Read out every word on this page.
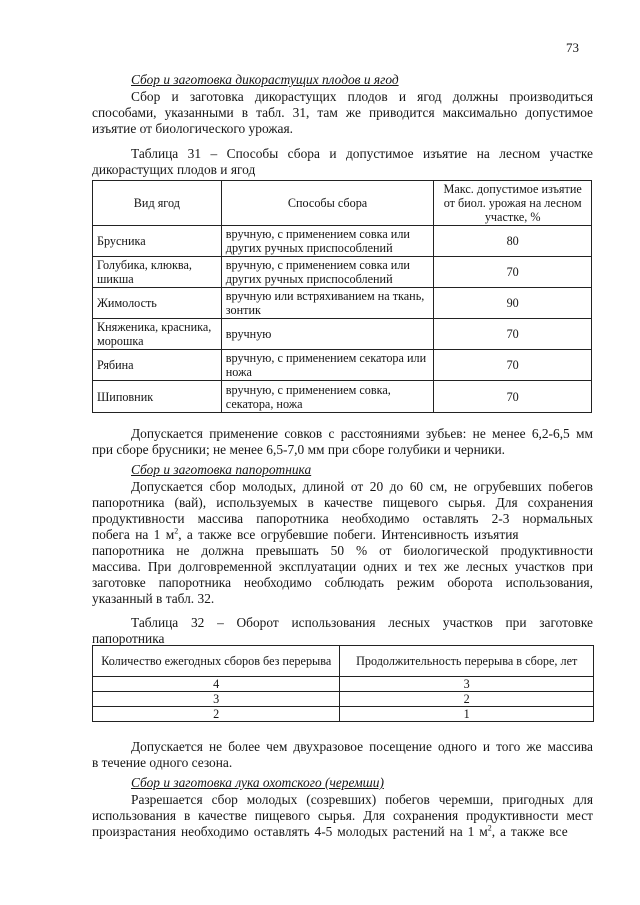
73
Сбор и заготовка дикорастущих плодов и ягод
Сбор и заготовка дикорастущих плодов и ягод должны производиться
способами, указанными в табл. 31, там же приводится максимально допустимое
изъятие от биологического урожая.
Таблица 31 – Способы сбора и допустимое изъятие на лесном участке
дикорастущих плодов и ягод
Вид ягод	Способы сбора	Макс. допустимое изъятие от биол. урожая на лесном участке, %
Брусника	вручную, с применением совка или других ручных приспособлений	80
Голубика, клюква, шикша	вручную, с применением совка или других ручных приспособлений	70
Жимолость	вручную или встряхиванием на ткань, зонтик	90
Княженика, красника, морошка	вручную	70
Рябина	вручную, с применением секатора или ножа	70
Шиповник	вручную, с применением совка, секатора, ножа	70
Допускается применение совков с расстояниями зубьев: не менее 6,2-6,5 мм
при сборе брусники; не менее 6,5-7,0 мм при сборе голубики и черники.
Сбор и заготовка папоротника
Допускается сбор молодых, длиной от 20 до 60 см, не огрубевших побегов
папоротника (вай), используемых в качестве пищевого сырья. Для сохранения
продуктивности массива папоротника необходимо оставлять 2-3 нормальных
побега на 1 $м^2$, а также все огрубевшие побеги. Интенсивность изъятия
папоротника не должна превышать 50 % от биологической продуктивности
массива. При долговременной эксплуатации одних и тех же лесных участков при
заготовке папоротника необходимо соблюдать режим оборота использования,
указанный в табл. 32.
Таблица 32 – Оборот использования лесных участков при заготовке
папоротника
Количество ежегодных сборов без перерыва	Продолжительность перерыва в сборе, лет
4	3
3	2
2	1
Допускается не более чем двухразовое посещение одного и того же массива
в течение одного сезона.
Сбор и заготовка лука охотского (черемши)
Разрешается сбор молодых (созревших) побегов черемши, пригодных для
использования в качестве пищевого сырья. Для сохранения продуктивности мест
произрастания необходимо оставлять 4-5 молодых растений на 1 $м^2$, а также все
